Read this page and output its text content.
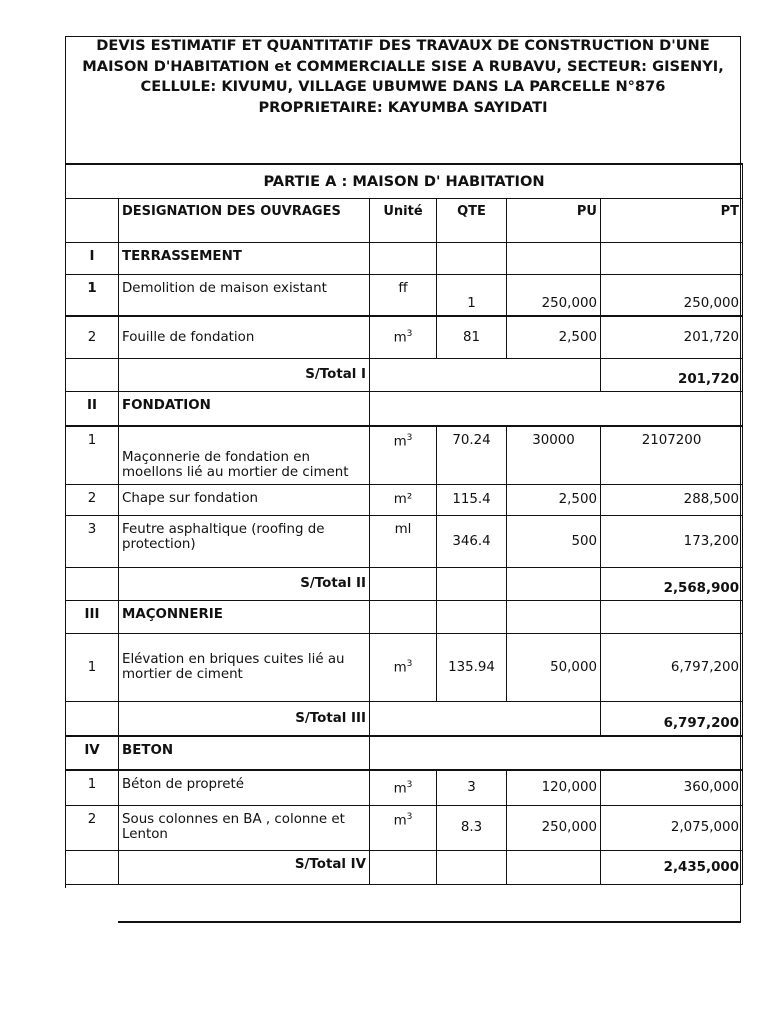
DEVIS ESTIMATIF ET QUANTITATIF DES TRAVAUX DE CONSTRUCTION D'UNE
MAISON D'HABITATION et COMMERCIALLE SISE A RUBAVU, SECTEUR: GISENYI,
CELLULE: KIVUMU, VILLAGE UBUMWE DANS LA PARCELLE N°876
PROPRIETAIRE: KAYUMBA SAYIDATI
PARTIE A : MAISON D' HABITATION					
	DESIGNATION DES OUVRAGES	Unité	QTE	PU	PT
I	TERRASSEMENT				
1	Demolition de maison existant	ff	1	250,000	250,000
2	Fouille de fondation	$m^3$	81	2,500	201,720
	S/Total I				201,720
II	FONDATION				
1	Maçonnerie de fondation en moellons lié au mortier de ciment	$m^3$	70.24	30000	2107200
2	Chape sur fondation	m²	115.4	2,500	288,500
3	Feutre asphaltique (roofing de protection)	ml	346.4	500	173,200
	S/Total II				2,568,900
III	MAÇONNERIE				
1	Elévation en briques cuites lié au mortier de ciment	$m^3$	135.94	50,000	6,797,200
	S/Total III				6,797,200
IV	BETON				
1	Béton de propreté	$m^3$	3	120,000	360,000
2	Sous colonnes en BA , colonne et Lenton	$m^3$	8.3	250,000	2,075,000
	S/Total IV				2,435,000
